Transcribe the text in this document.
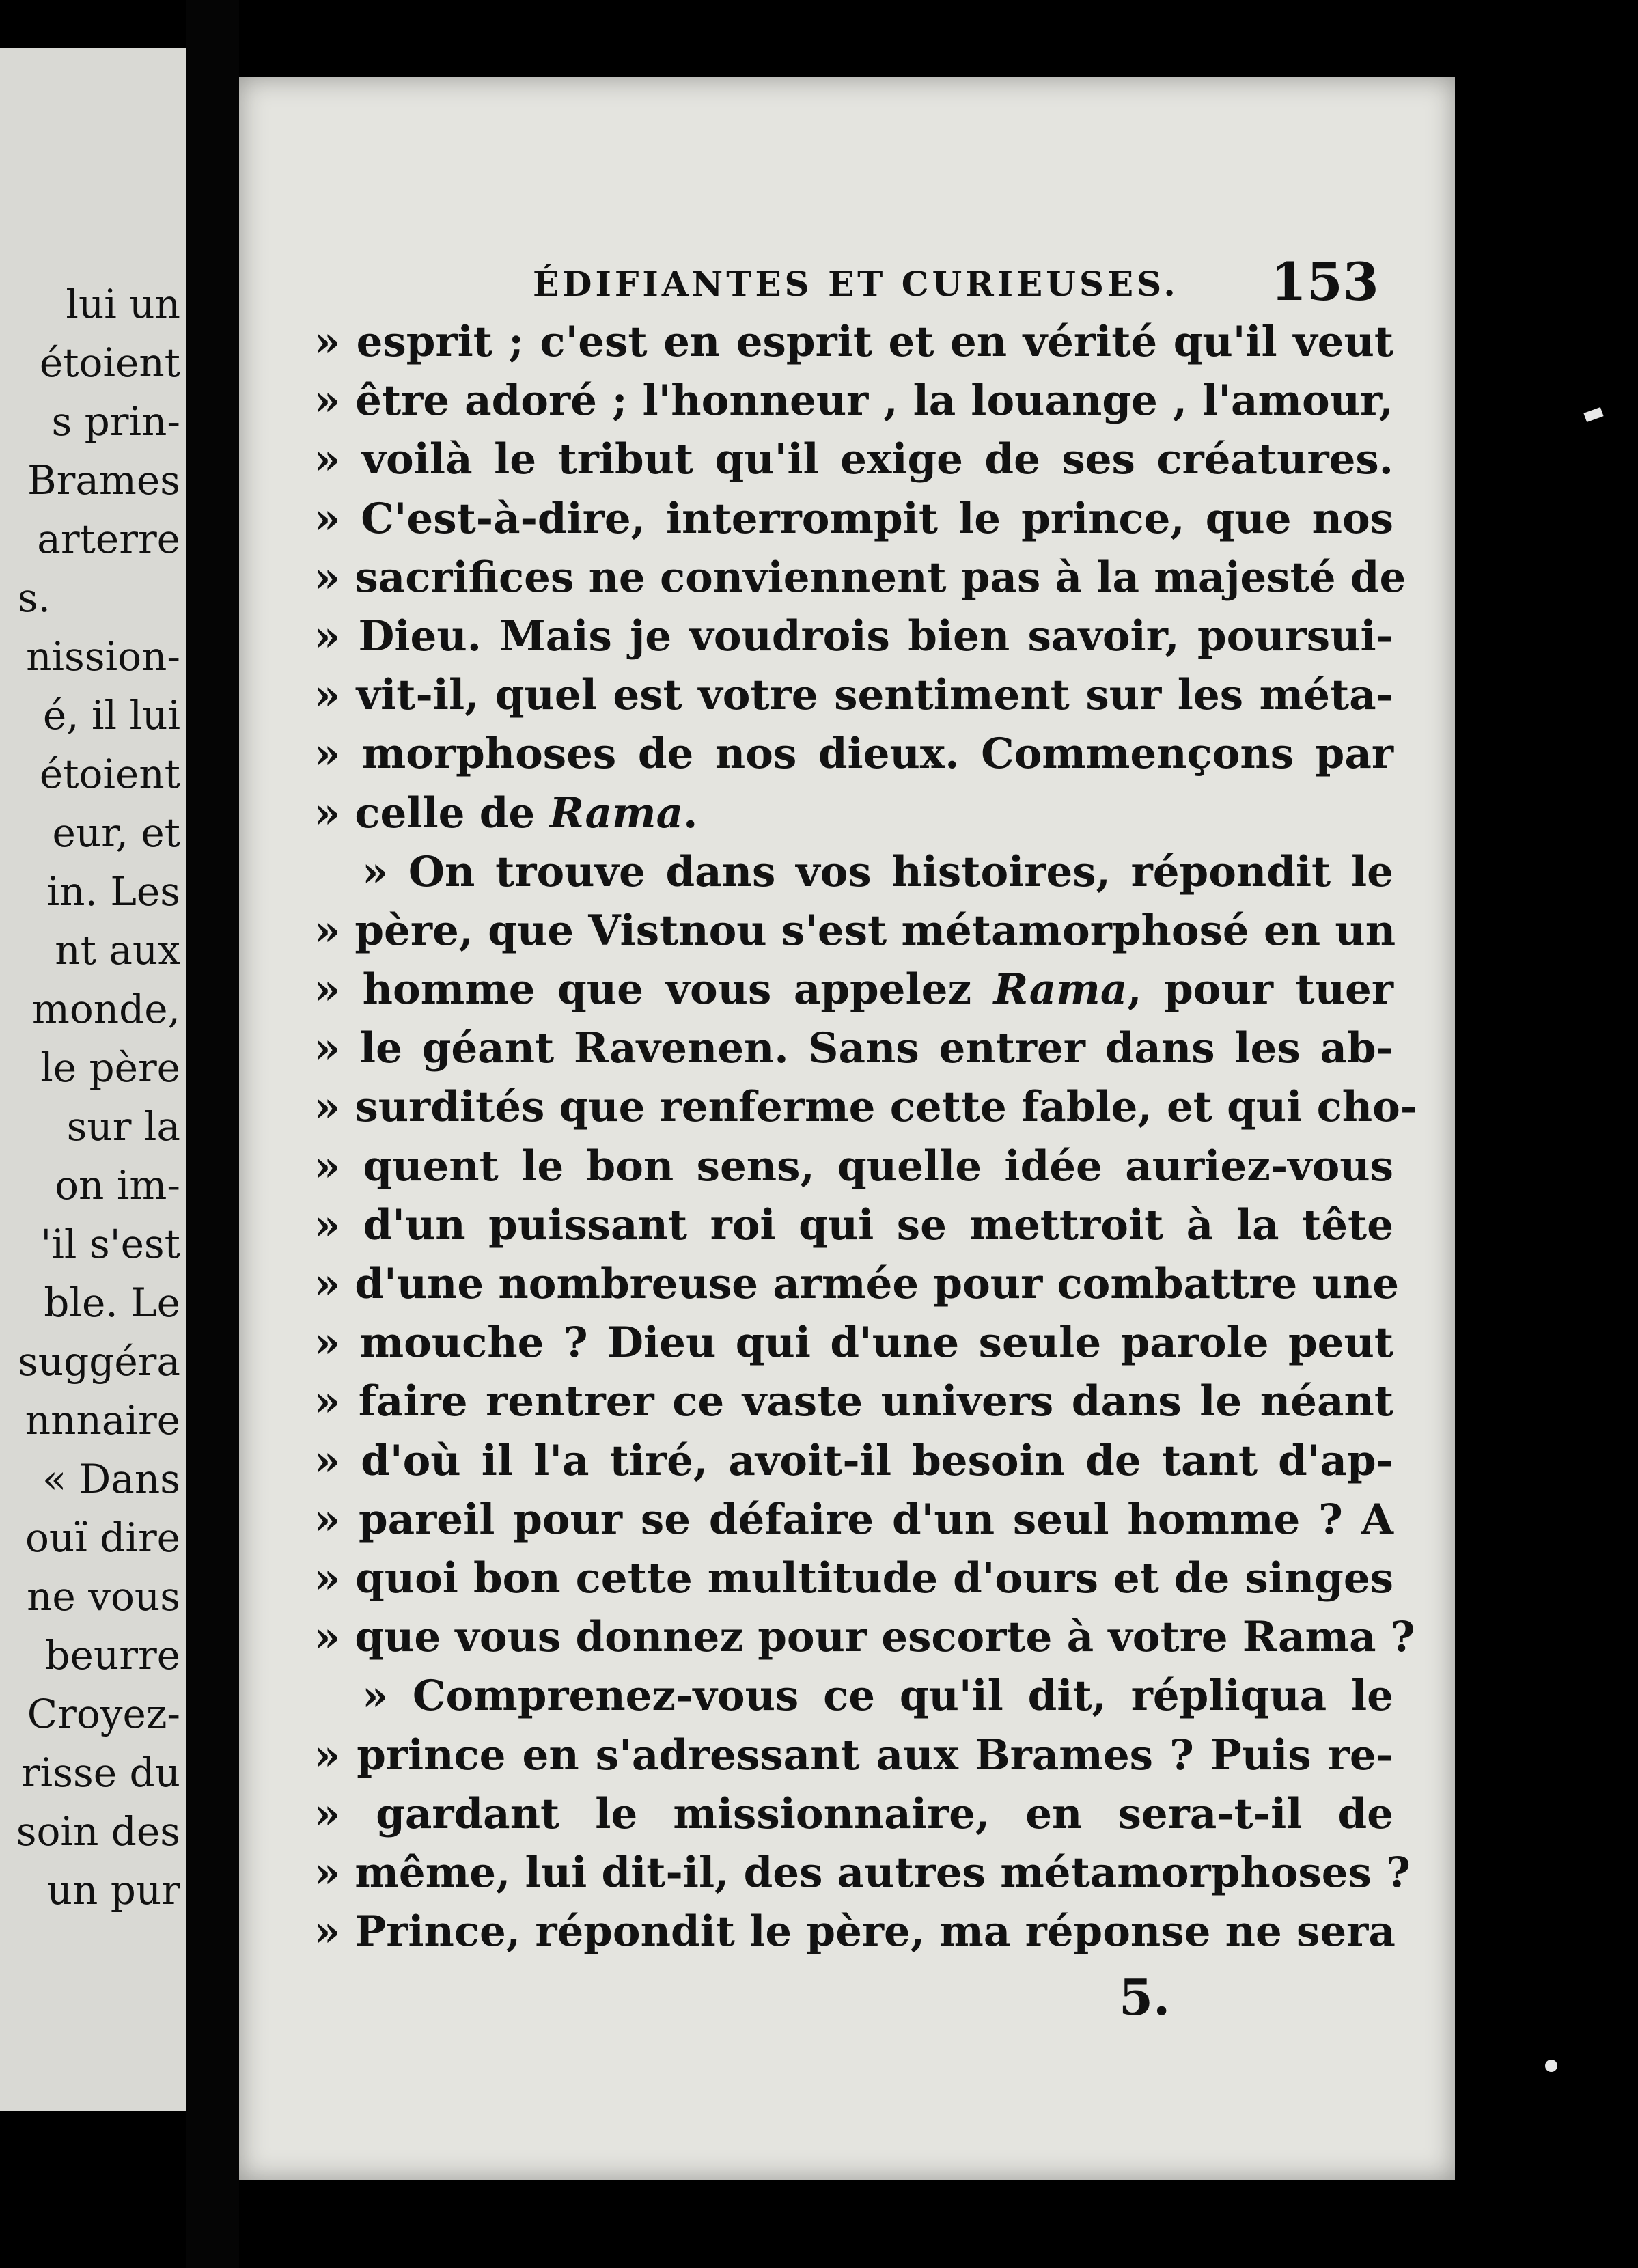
lui un
étoient
s prin-
Brames
arterre
s.
nission-
é, il lui
étoient
eur, et
in. Les
nt aux
monde,
le père
sur la
on im-
'il s'est
ble. Le
suggéra
nnnaire
« Dans
ouï dire
ne vous
beurre
Croyez-
risse du
soin des
un pur
ÉDIFIANTES ET CURIEUSES. 153
» esprit ; c'est en esprit et en vérité qu'il veut
» être adoré ; l'honneur , la louange , l'amour,
» voilà le tribut qu'il exige de ses créatures.
» C'est-à-dire, interrompit le prince, que nos
» sacrifices ne conviennent pas à la majesté de
» Dieu. Mais je voudrois bien savoir, poursui-
» vit-il, quel est votre sentiment sur les méta-
» morphoses de nos dieux. Commençons par
» celle de Rama.
» On trouve dans vos histoires, répondit le
» père, que Vistnou s'est métamorphosé en un
» homme que vous appelez Rama, pour tuer
» le géant Ravenen. Sans entrer dans les ab-
» surdités que renferme cette fable, et qui cho-
» quent le bon sens, quelle idée auriez-vous
» d'un puissant roi qui se mettroit à la tête
» d'une nombreuse armée pour combattre une
» mouche ? Dieu qui d'une seule parole peut
» faire rentrer ce vaste univers dans le néant
» d'où il l'a tiré, avoit-il besoin de tant d'ap-
» pareil pour se défaire d'un seul homme ? A
» quoi bon cette multitude d'ours et de singes
» que vous donnez pour escorte à votre Rama ?
» Comprenez-vous ce qu'il dit, répliqua le
» prince en s'adressant aux Brames ? Puis re-
» gardant le missionnaire, en sera-t-il de
» même, lui dit-il, des autres métamorphoses ?
» Prince, répondit le père, ma réponse ne sera
5.
